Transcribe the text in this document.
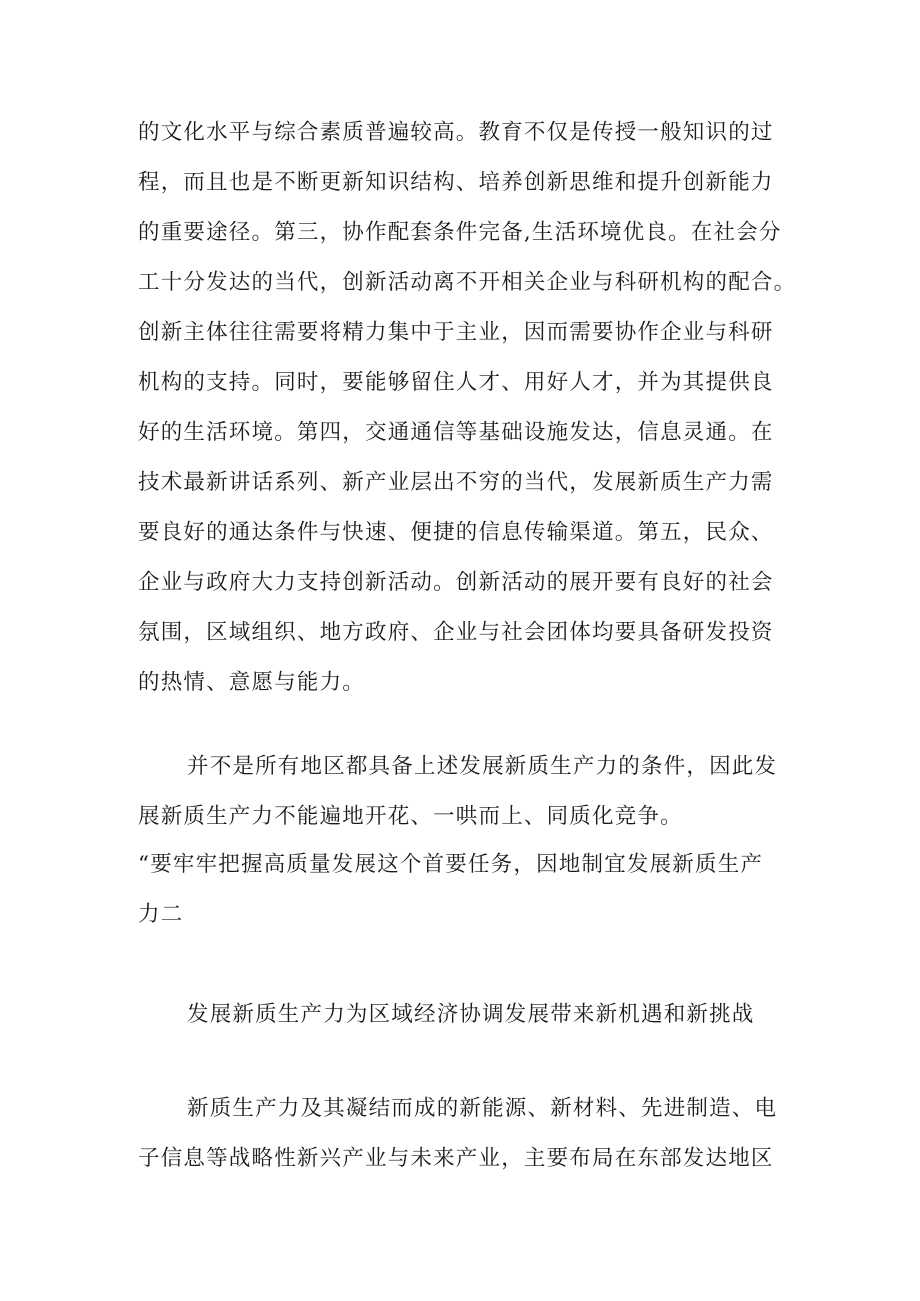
的文化水平与综合素质普遍较高。教育不仅是传授一般知识的过
程，而且也是不断更新知识结构、培养创新思维和提升创新能力
的重要途径。第三，协作配套条件完备,生活环境优良。在社会分
工十分发达的当代，创新活动离不开相关企业与科研机构的配合。
创新主体往往需要将精力集中于主业，因而需要协作企业与科研
机构的支持。同时，要能够留住人才、用好人才，并为其提供良
好的生活环境。第四，交通通信等基础设施发达，信息灵通。在
技术最新讲话系列、新产业层出不穷的当代，发展新质生产力需
要良好的通达条件与快速、便捷的信息传输渠道。第五，民众、
企业与政府大力支持创新活动。创新活动的展开要有良好的社会
氛围，区域组织、地方政府、企业与社会团体均要具备研发投资
的热情、意愿与能力。
并不是所有地区都具备上述发展新质生产力的条件，因此发
展新质生产力不能遍地开花、一哄而上、同质化竞争。
“要牢牢把握高质量发展这个首要任务，因地制宜发展新质生产
力二
发展新质生产力为区域经济协调发展带来新机遇和新挑战
新质生产力及其凝结而成的新能源、新材料、先进制造、电
子信息等战略性新兴产业与未来产业，主要布局在东部发达地区
